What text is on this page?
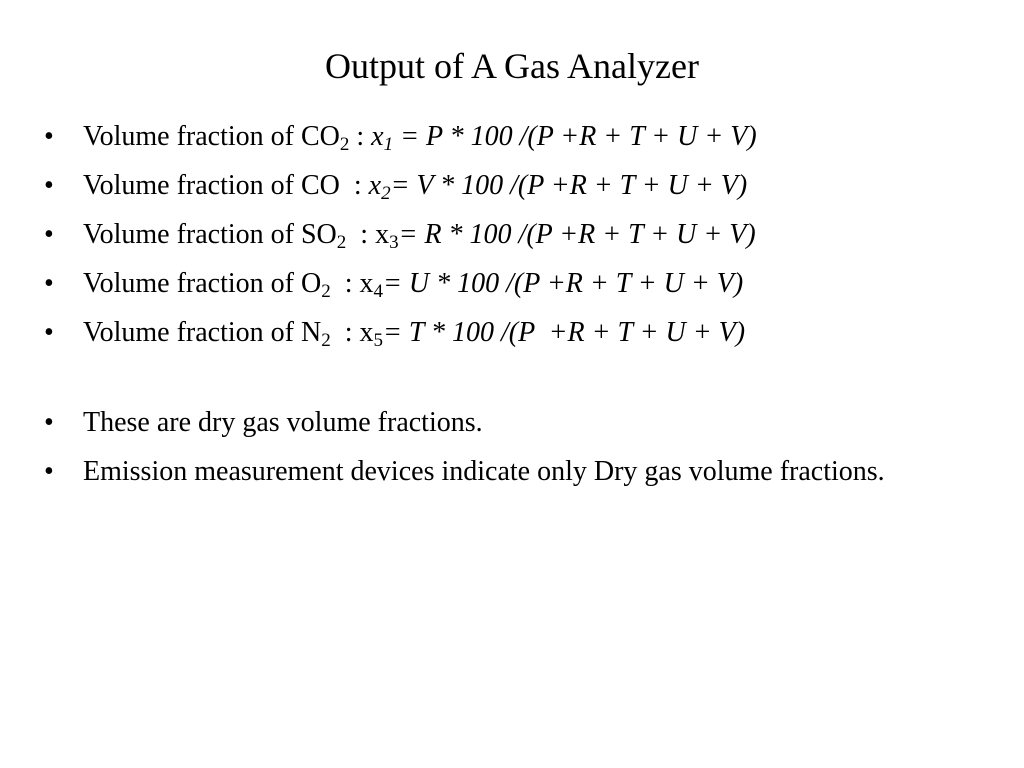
Output of A Gas Analyzer
•	Volume fraction of $CO_2$ : $x_1 = P * 100$ /(P +R + T + U + V)
•	Volume fraction of CO  : $x_2= V * 100$ /(P +R + T + U + V)
•	Volume fraction of $SO_2$  : $x_3= R * 100$ /(P +R + T + U + V)
•	Volume fraction of $O_2$  : $x_4= U * 100$ /(P +R + T + U + V)
•	Volume fraction of $N_2$  : $x_5= T * 100$ /(P  +R + T + U + V)
•	These are dry gas volume fractions.
•	Emission measurement devices indicate only Dry gas volume fractions.
